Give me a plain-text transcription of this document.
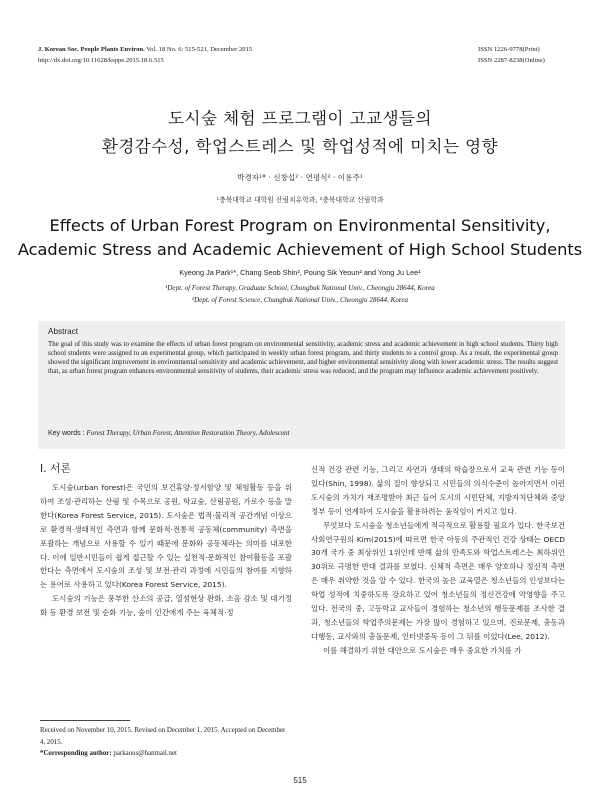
J. Korean Soc. People Plants Environ. Vol. 18 No. 6: 515-521, December 2015
http://dx.doi.org/10.11628/ksppe.2015.18.6.515
ISSN 1226-9778(Print)
ISSN 2287-8238(Online)
도시숲 체험 프로그램이 고교생들의
환경감수성, 학업스트레스 및 학업성적에 미치는 영향
박경자¹* · 신창섭² · 연평식² · 이용주¹
¹충북대학교 대학원 산림치유학과, ²충북대학교 산림학과
Effects of Urban Forest Program on Environmental Sensitivity,
Academic Stress and Academic Achievement of High School Students
Kyeong Ja Park¹*, Chang Seob Shin², Poung Sik Yeoun² and Yong Ju Lee¹
¹Dept. of Forest Therapy, Graduate School, Chungbuk National Univ., Cheongju 28644, Korea
²Dept. of Forest Science, Chungbuk National Univ., Cheongju 28644, Korea
Abstract
The goal of this study was to examine the effects of urban forest program on environmental sensitivity, academic stress and academic achievement in high school students. Thirty high school students were assigned to an experimental group, which participated in weekly urban forest program, and thirty students to a control group. As a result, the experimental group showed the significant improvement in environmental sensitivity and academic achievement, and higher environmental sensitivity along with lower academic stress. The results suggest that, as urban forest program enhances environmental sensitivity of students, their academic stress was reduced, and the program may influence academic achievement positively.
Key words : Forest Therapy, Urban Forest, Attention Restoration Theory, Adolescent
Ⅰ. 서론

도시숲(urban forest)은 국민의 보건휴양·정서함양 및 체험활동 등을 위하여 조성·관리하는 산림 및 수목으로 공원, 학교숲, 산림공원, 가로수 등을 말한다(Korea Forest Service, 2015). 도시숲은 법적·물리적 공간개념 이상으로 환경적·생태적인 측면과 함께 문화적·전통적 공동체(community) 측면을 포괄하는 개념으로 사용할 수 있기 때문에 문화와 공동체라는 의미를 내포한다. 이에 일반시민들이 쉽게 접근할 수 있는 실천적·문화적인 참여활동을 포괄한다는 측면에서 도시숲의 조성 및 보전·관리 과정에 시민들의 참여를 지향하는 용어로 사용하고 있다(Korea Forest Service, 2015).

도시숲의 기능은 풍부한 산소의 공급, 열섬현상 완화, 소음 감소 및 대기정화 등 환경 보전 및 순화 기능, 숲이 인간에게 주는 육체적·정

신적 건강 관련 기능, 그리고 자연과 생태의 학습장으로서 교육 관련 기능 등이 있다(Shin, 1998). 삶의 질이 향상되고 시민들의 의식수준이 높아지면서 이런 도시숲의 가치가 재조명받아 최근 들어 도시의 시민단체, 지방자치단체와 중앙정부 등이 연계하여 도시숲을 활용하려는 움직임이 커지고 있다.

무엇보다 도시숲을 청소년들에게 적극적으로 활용할 필요가 있다. 한국보건사회연구원의 Kim(2015)에 따르면 한국 아동의 주관적인 건강 상태는 OECD 30개 국가 중 최상위인 1위인데 반해 삶의 만족도와 학업스트레스는 최하위인 30위로 극명한 반대 결과를 보였다. 신체적 측면은 매우 양호하나 정신적 측면은 매우 취약한 것을 알 수 있다. 한국의 높은 교육열은 청소년들의 인성보다는 학업 성적에 치중하도록 강요하고 있어 청소년들의 정신건강에 악영향을 주고 있다. 전국의 중, 고등학교 교사들이 경험하는 청소년의 행동문제를 조사한 결과, 청소년들의 학업주의문제는 가장 많이 경험하고 있으며, 진로문제, 충동과다행동, 교사와의 충돌문제, 인터넷중독 등이 그 뒤를 이었다(Lee, 2012).

이를 해결하기 위한 대안으로 도시숲은 매우 중요한 가치를 가

Received on November 10, 2015. Revised on December 1, 2015. Accepted on December 4, 2015.
*Corresponding author: parkaous@hanmail.net
515
